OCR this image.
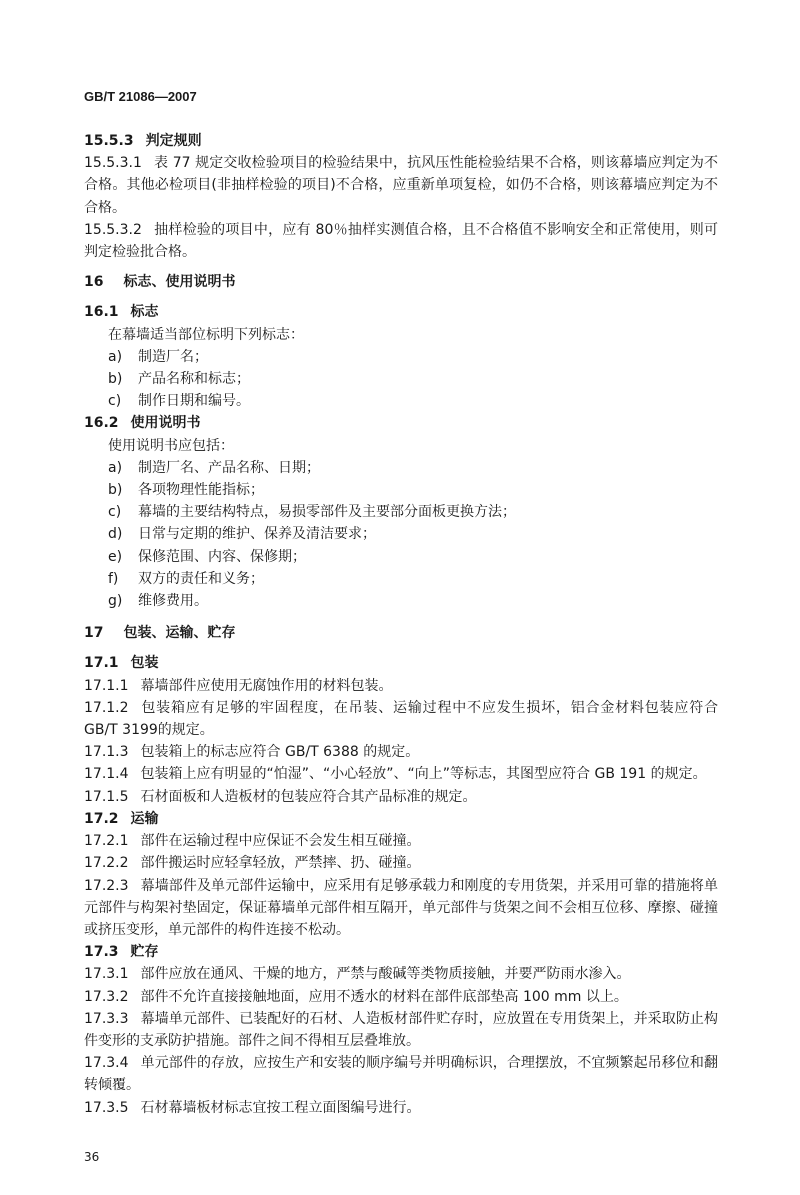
GB/T 21086—2007

15.5.3 判定规则

15.5.3.1 表 77 规定交收检验项目的检验结果中，抗风压性能检验结果不合格，则该幕墙应判定为不合格。其他必检项目(非抽样检验的项目)不合格，应重新单项复检，如仍不合格，则该幕墙应判定为不合格。

15.5.3.2 抽样检验的项目中，应有 80％抽样实测值合格，且不合格值不影响安全和正常使用，则可判定检验批合格。

16 标志、使用说明书

16.1 标志

在幕墙适当部位标明下列标志：

a)	制造厂名；
b)	产品名称和标志；
c)	制作日期和编号。

16.2 使用说明书

使用说明书应包括：

a)	制造厂名、产品名称、日期；
b)	各项物理性能指标；
c)	幕墙的主要结构特点，易损零部件及主要部分面板更换方法；
d)	日常与定期的维护、保养及清洁要求；
e)	保修范围、内容、保修期；
f)	双方的责任和义务；
g)	维修费用。

17 包装、运输、贮存

17.1 包装

17.1.1 幕墙部件应使用无腐蚀作用的材料包装。

17.1.2 包装箱应有足够的牢固程度，在吊装、运输过程中不应发生损坏，铝合金材料包装应符合 GB/T 3199的规定。

17.1.3 包装箱上的标志应符合 GB/T 6388 的规定。

17.1.4 包装箱上应有明显的“怕湿”、“小心轻放”、“向上”等标志，其图型应符合 GB 191 的规定。

17.1.5 石材面板和人造板材的包装应符合其产品标准的规定。

17.2 运输

17.2.1 部件在运输过程中应保证不会发生相互碰撞。

17.2.2 部件搬运时应轻拿轻放，严禁摔、扔、碰撞。

17.2.3 幕墙部件及单元部件运输中，应采用有足够承载力和刚度的专用货架，并采用可靠的措施将单元部件与构架衬垫固定，保证幕墙单元部件相互隔开，单元部件与货架之间不会相互位移、摩擦、碰撞或挤压变形，单元部件的构件连接不松动。

17.3 贮存

17.3.1 部件应放在通风、干燥的地方，严禁与酸碱等类物质接触，并要严防雨水渗入。

17.3.2 部件不允许直接接触地面，应用不透水的材料在部件底部垫高 100 mm 以上。

17.3.3 幕墙单元部件、已装配好的石材、人造板材部件贮存时，应放置在专用货架上，并采取防止构件变形的支承防护措施。部件之间不得相互层叠堆放。

17.3.4 单元部件的存放，应按生产和安装的顺序编号并明确标识，合理摆放，不宜频繁起吊移位和翻转倾覆。

17.3.5 石材幕墙板材标志宜按工程立面图编号进行。

36
